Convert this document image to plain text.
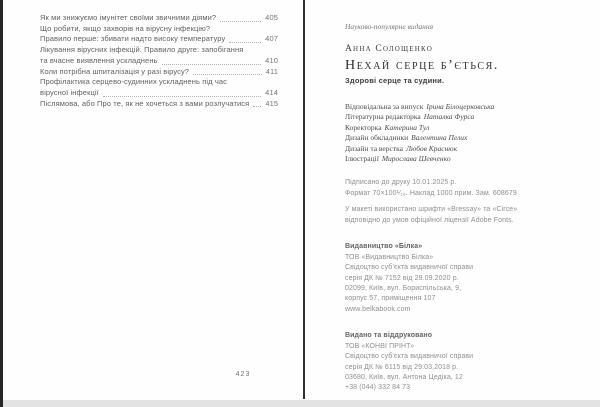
Як ми знижуємо імунітет своїми звичними діями?	405
Що робити, якщо захворів на вірусну інфекцію?
Правило перше: збивати надто високу температуру	407
Лікування вірусних інфекцій. Правило друге: запобігання
та вчасне виявлення ускладнень	410
Коли потрібна шпиталізація у разі вірусу?	411
Профілактика серцево-судинних ускладнень під час
вірусної інфекції	414
Післямова, або Про те, як не хочеться з вами розлучатися 415
423
Науково-популярне видання
Анна Солощенко
Нехай серце б’ється.
Здорові серце та судини.
Відповідальна за випуск Ірина Білоцерковська
Літературна редакторка Наталка Фурса
Коректорка Катерина Тул
Дизайн обкладинки Валентина Пелих
Дизайн та верстка Любов Краснюк
Ілюстрації Мирослава Шевченко
Підписано до друку 10.01.2025 р.
Формат 70×100¹⁄₁₆. Наклад 1000 прим. Зам. 608679
У макеті використано шрифти «Bressay» та «Circe»
відповідно до умов офіційної ліцензії Adobe Fonts.
Видавництво «Білка»
ТОВ «Видавництво Білка»
Свідоцтво суб’єкта видавничої справи
серія ДК № 7152 від 29.09.2020 р.
02099, Київ, вул. Бориспільська, 9,
корпус 57, приміщення 107
www.belkabook.com
Видано та віддруковано
ТОВ «КОНВІ ПРІНТ»
Свідоцтво суб’єкта видавничої справи
серія ДК № 6115 від 29.03.2018 р.
03680, Київ, вул. Антона Цедіка, 12
+38 (044) 332 84 73
